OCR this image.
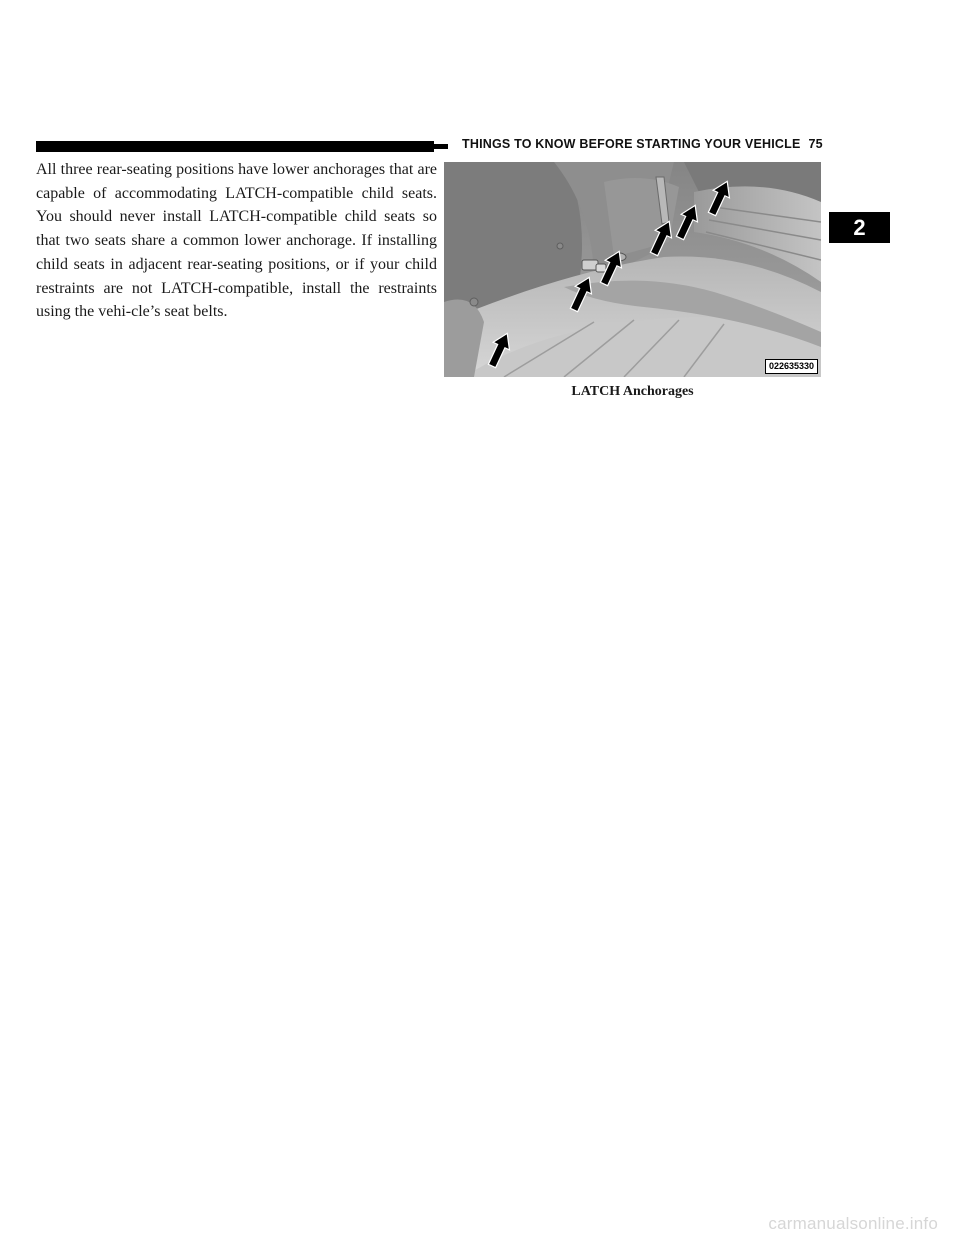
THINGS TO KNOW BEFORE STARTING YOUR VEHICLE 75
2
All three rear-seating positions have lower anchorages that are capable of accommodating LATCH-compatible child seats. You should never install LATCH-compatible child seats so that two seats share a common lower anchorage. If installing child seats in adjacent rear-seating positions, or if your child restraints are not LATCH-compatible, install the restraints using the vehi-cle’s seat belts.
022635330
LATCH Anchorages
carmanualsonline.info
